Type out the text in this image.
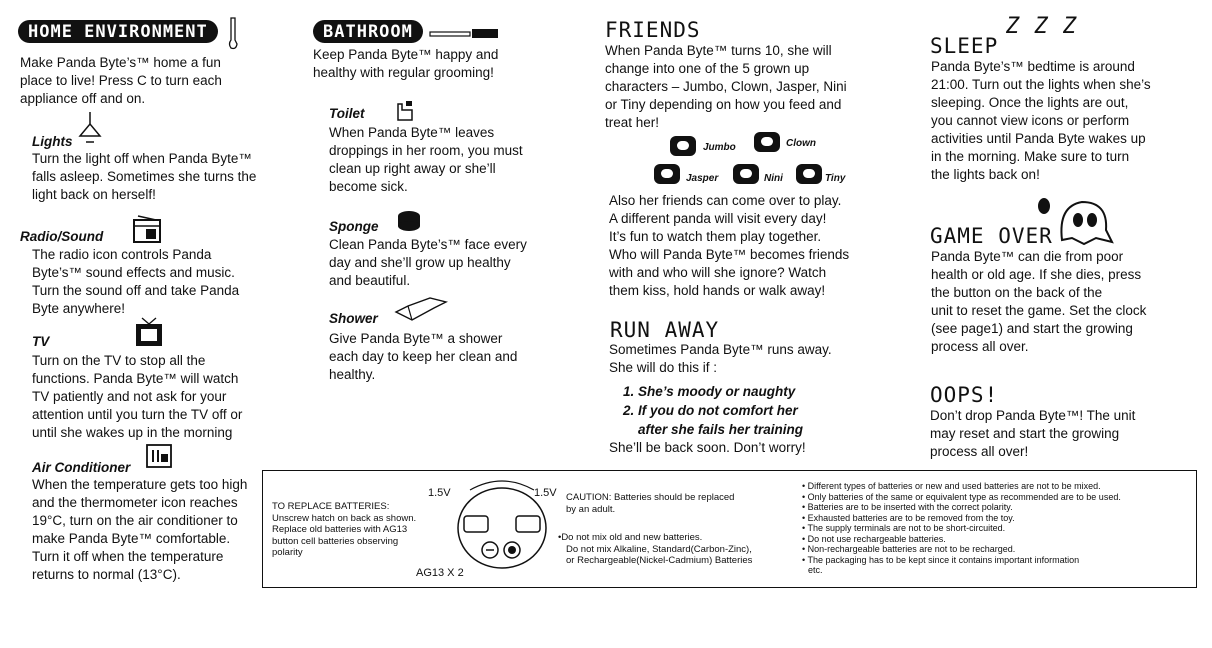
HOME ENVIRONMENT
Make Panda Byte’s™ home a fun
place to live! Press C to turn each
appliance off and on.
Lights
Turn the light off when Panda Byte™
falls asleep. Sometimes she turns the
light back on herself!
Radio/Sound
The radio icon controls Panda
Byte’s™ sound effects and music.
Turn the sound off and take Panda
Byte anywhere!
TV
Turn on the TV to stop all the
functions. Panda Byte™ will watch
TV patiently and not ask for your
attention until you turn the TV off or
until she wakes up in the morning
Air Conditioner
When the temperature gets too high
and the thermometer icon reaches
19°C, turn on the air conditioner to
make Panda Byte™ comfortable.
Turn it off when the temperature
returns to normal (13°C).
BATHROOM
Keep Panda Byte™ happy and
healthy with regular grooming!
Toilet
When Panda Byte™ leaves
droppings in her room, you must
clean up right away or she’ll
become sick.
Sponge
Clean Panda Byte’s™ face every
day and she’ll grow up healthy
and beautiful.
Shower
Give Panda Byte™ a shower
each day to keep her clean and
healthy.
FRIENDS
When Panda Byte™ turns 10, she will
change into one of the 5 grown up
characters – Jumbo, Clown, Jasper, Nini
or Tiny depending on how you feed and
treat her!
Jumbo	Clown
Jasper	Nini	Tiny
Also her friends can come over to play.
A different panda will visit every day!
It’s fun to watch them play together.
Who will Panda Byte™ becomes friends
with and who will she ignore? Watch
them kiss, hold hands or walk away!
RUN AWAY
Sometimes Panda Byte™ runs away.
She will do this if :
1. She’s moody or naughty
2. If you do not comfort her
after she fails her training
She’ll be back soon. Don’t worry!
SLEEP
Z Z Z
Panda Byte’s™ bedtime is around
21:00. Turn out the lights when she’s
sleeping. Once the lights are out,
you cannot view icons or perform
activities until Panda Byte wakes up
in the morning. Make sure to turn
the lights back on!
GAME OVER
Panda Byte™ can die from poor
health or old age. If she dies, press
the button on the back of the
unit to reset the game. Set the clock
(see page1) and start the growing
process all over.
OOPS!
Don’t drop Panda Byte™! The unit
may reset and start the growing
process all over!
TO REPLACE BATTERIES:
Unscrew hatch on back as shown.
Replace old batteries with AG13
button cell batteries observing
polarity
1.5V	1.5V
AG13 X 2
CAUTION: Batteries should be replaced
by an adult.
•Do not mix old and new batteries.
Do not mix Alkaline, Standard(Carbon-Zinc),
or Rechargeable(Nickel-Cadmium) Batteries
• Different types of batteries or new and used batteries are not to be mixed.
• Only batteries of the same or equivalent type as recommended are to be used.
• Batteries are to be inserted with the correct polarity.
• Exhausted batteries are to be removed from the toy.
• The supply terminals are not to be short-circuited.
• Do not use rechargeable batteries.
• Non-rechargeable batteries are not to be recharged.
• The packaging has to be kept since it contains important information
etc.
